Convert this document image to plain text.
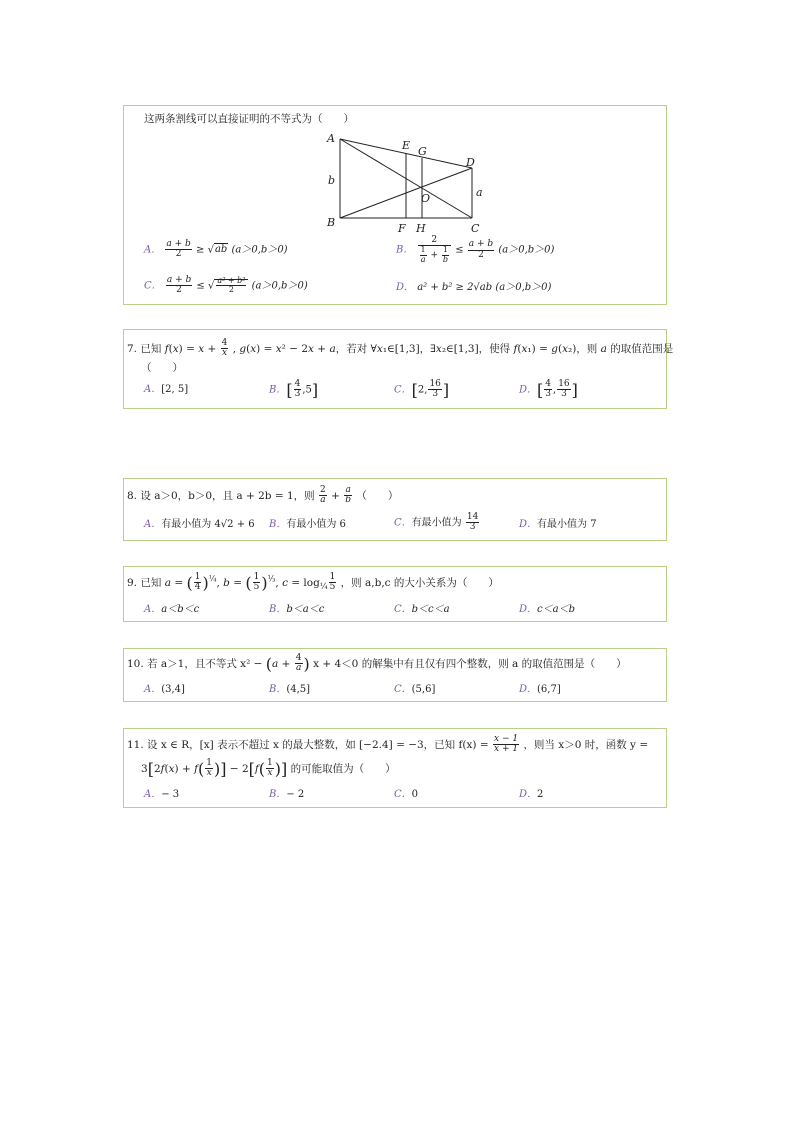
这两条割线可以直接证明的不等式为（　　）
A
B	C
D
E G
F H
O
b
a
A． $\frac{a + b}{2} \ge √ab$ (a＞0,b＞0)	B． $\frac{2}{\frac{1}{a} + \frac{1}{b}} \le \frac{a + b}{2} (a>0,b>0)$
C． $\frac{a + b}{2}$ ≤ √ $\frac{\text{a² + b²}}{2} (a>0,b>0)$	D． a² + b² ≥ 2√ab (a＞0,b＞0)
7. 已知 $f(x) = x + \frac{4}{x}$ , g(x) = x² − 2x + a，若对 ∀x₁∈[1,3]，∃x₂∈[1,3]，使得 f(x₁) = g(x₂)，则 a 的取值范围是
（　　）
A．[2, 5]	B．[ $\frac{4}{3} ,5$]	C．[2, $\frac{16}{3}$ ]	D．[ $\frac{4}{3}$ , $\frac{16}{3}$ ]
8. 设 a＞0，b＞0，且 a + 2b = 1，则 $\frac{2}{a} + \frac{a}{b}$ （　　）
A．有最小值为 4√2 + 6 B．有最小值为 6	C．有最小值为 $\frac{14}{3}$	D．有最小值为 7
9. 已知 a = ( $\frac{1}{4} )^{\frac{1}{4}}$, b = ( $\frac{1}{5} )^{\frac{1}{3}}$, $c = \log_{\frac{1}{4}} \frac{1}{5}$ ，则 a,b,c 的大小关系为（　　）
A．a＜b＜c	B．b＜a＜c	C．b＜c＜a	D．c＜a＜b
10. 若 a＞1，且不等式 $x^2 - (a + \frac{4}{a}$ ) x + 4＜0 的解集中有且仅有四个整数，则 a 的取值范围是（　　）
A．(3,4]	B．(4,5]	C．(5,6]	D．(6,7]
11. 设 x ∈ R，[x] 表示不超过 x 的最大整数，如 [−2.4] = −3，已知 $f(x) = \frac{x - 1}{x + 1}$ ，则当 x＞0 时，函数 y =
$3[2f(x) + f( \frac{1}{x}$ )] − $2[f( \frac{1}{x}$ )] 的可能取值为（　　）
A．− 3	B．− 2	C．0	D．2
